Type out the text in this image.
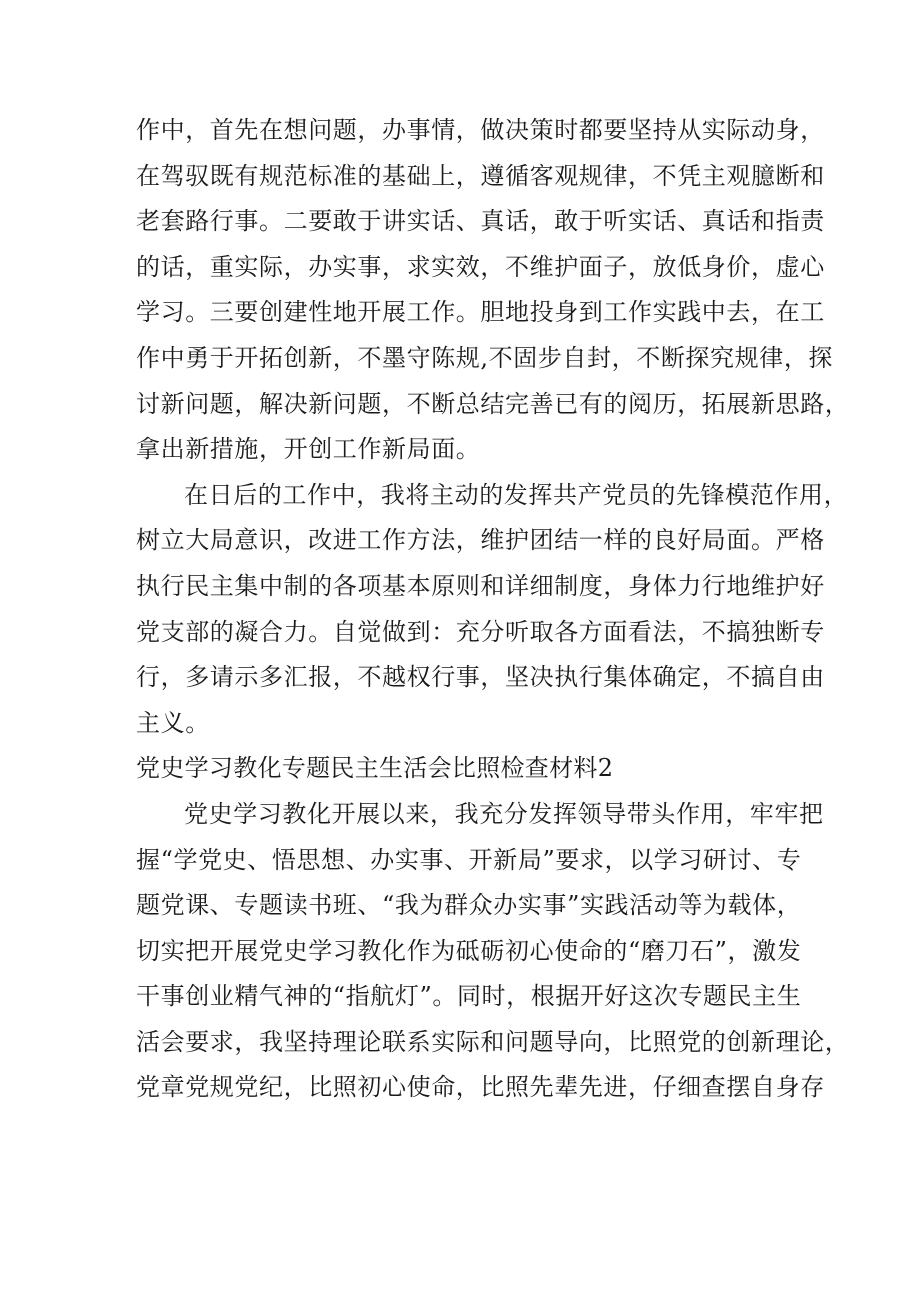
作中，首先在想问题，办事情，做决策时都要坚持从实际动身，
在驾驭既有规范标准的基础上，遵循客观规律，不凭主观臆断和
老套路行事。二要敢于讲实话、真话，敢于听实话、真话和指责
的话，重实际，办实事，求实效，不维护面子，放低身价，虚心
学习。三要创建性地开展工作。胆地投身到工作实践中去，在工
作中勇于开拓创新，不墨守陈规,不固步自封，不断探究规律，探
讨新问题，解决新问题，不断总结完善已有的阅历，拓展新思路，
拿出新措施，开创工作新局面。
在日后的工作中，我将主动的发挥共产党员的先锋模范作用，
树立大局意识，改进工作方法，维护团结一样的良好局面。严格
执行民主集中制的各项基本原则和详细制度，身体力行地维护好
党支部的凝合力。自觉做到：充分听取各方面看法，不搞独断专
行，多请示多汇报，不越权行事，坚决执行集体确定，不搞自由
主义。
党史学习教化专题民主生活会比照检查材料2
党史学习教化开展以来，我充分发挥领导带头作用，牢牢把
握“学党史、悟思想、办实事、开新局”要求，以学习研讨、专
题党课、专题读书班、“我为群众办实事”实践活动等为载体，
切实把开展党史学习教化作为砥砺初心使命的“磨刀石”，激发
干事创业精气神的“指航灯”。同时，根据开好这次专题民主生
活会要求，我坚持理论联系实际和问题导向，比照党的创新理论，
党章党规党纪，比照初心使命，比照先辈先进，仔细查摆自身存
